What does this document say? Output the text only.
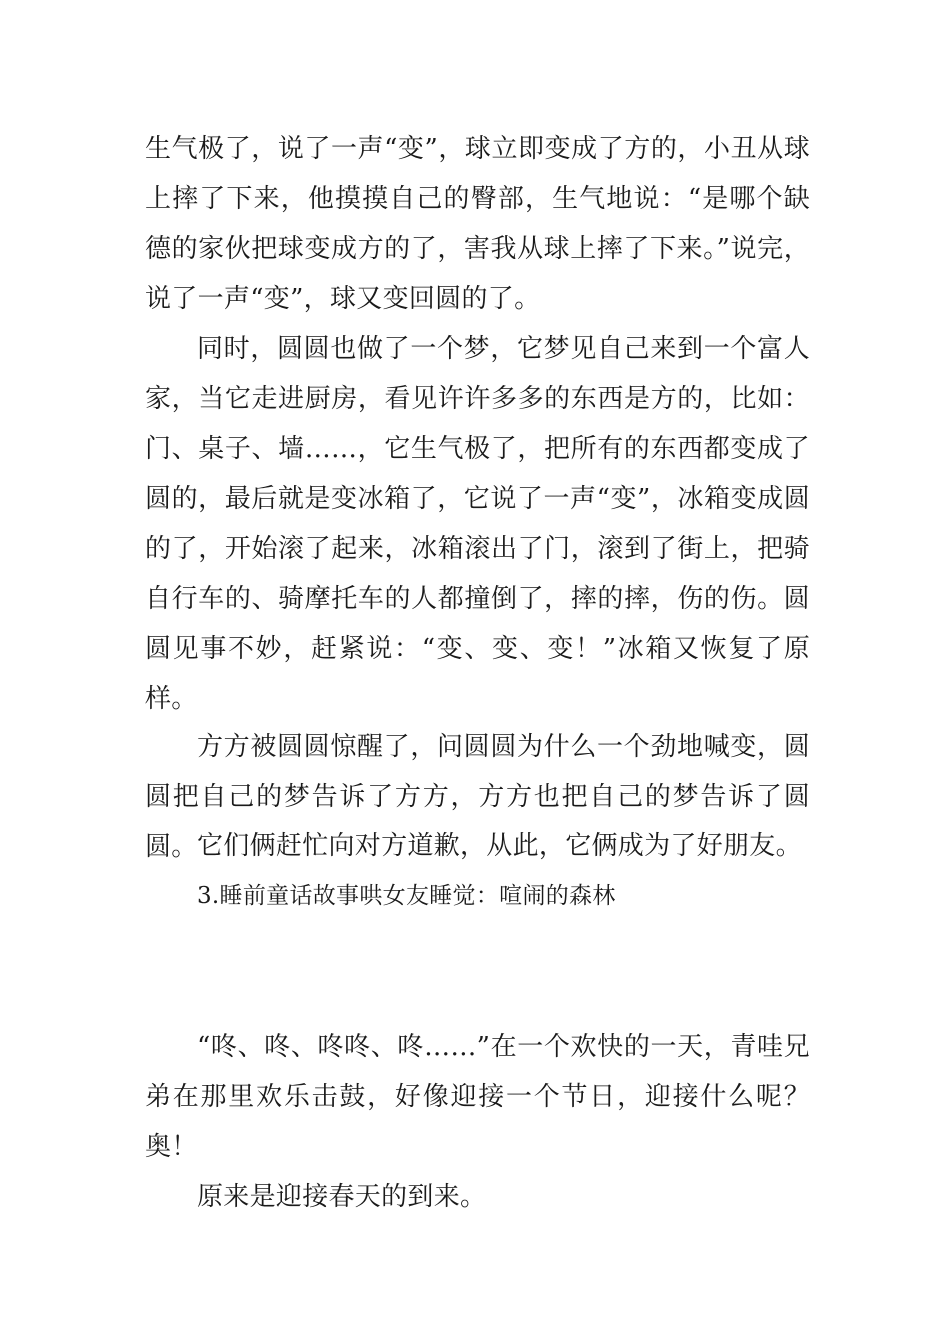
生气极了，说了一声“变”，球立即变成了方的，小丑从球上摔了下来，他摸摸自己的臀部，生气地说：“是哪个缺德的家伙把球变成方的了，害我从球上摔了下来。”说完，说了一声“变”，球又变回圆的了。

同时，圆圆也做了一个梦，它梦见自己来到一个富人家，当它走进厨房，看见许许多多的东西是方的，比如：门、桌子、墙……，它生气极了，把所有的东西都变成了圆的，最后就是变冰箱了，它说了一声“变”，冰箱变成圆的了，开始滚了起来，冰箱滚出了门，滚到了街上，把骑自行车的、骑摩托车的人都撞倒了，摔的摔，伤的伤。圆圆见事不妙，赶紧说：“变、变、变！”冰箱又恢复了原样。

方方被圆圆惊醒了，问圆圆为什么一个劲地喊变，圆圆把自己的梦告诉了方方，方方也把自己的梦告诉了圆圆。 它们俩赶忙向对方道歉，从此，它俩成为了好朋友。

3.睡前童话故事哄女友睡觉：喧闹的森林

“咚、咚、咚咚、咚……”在一个欢快的一天，青哇兄弟在那里欢乐击鼓，好像迎接一个节日，迎接什么呢？奥！

原来是迎接春天的到来。
